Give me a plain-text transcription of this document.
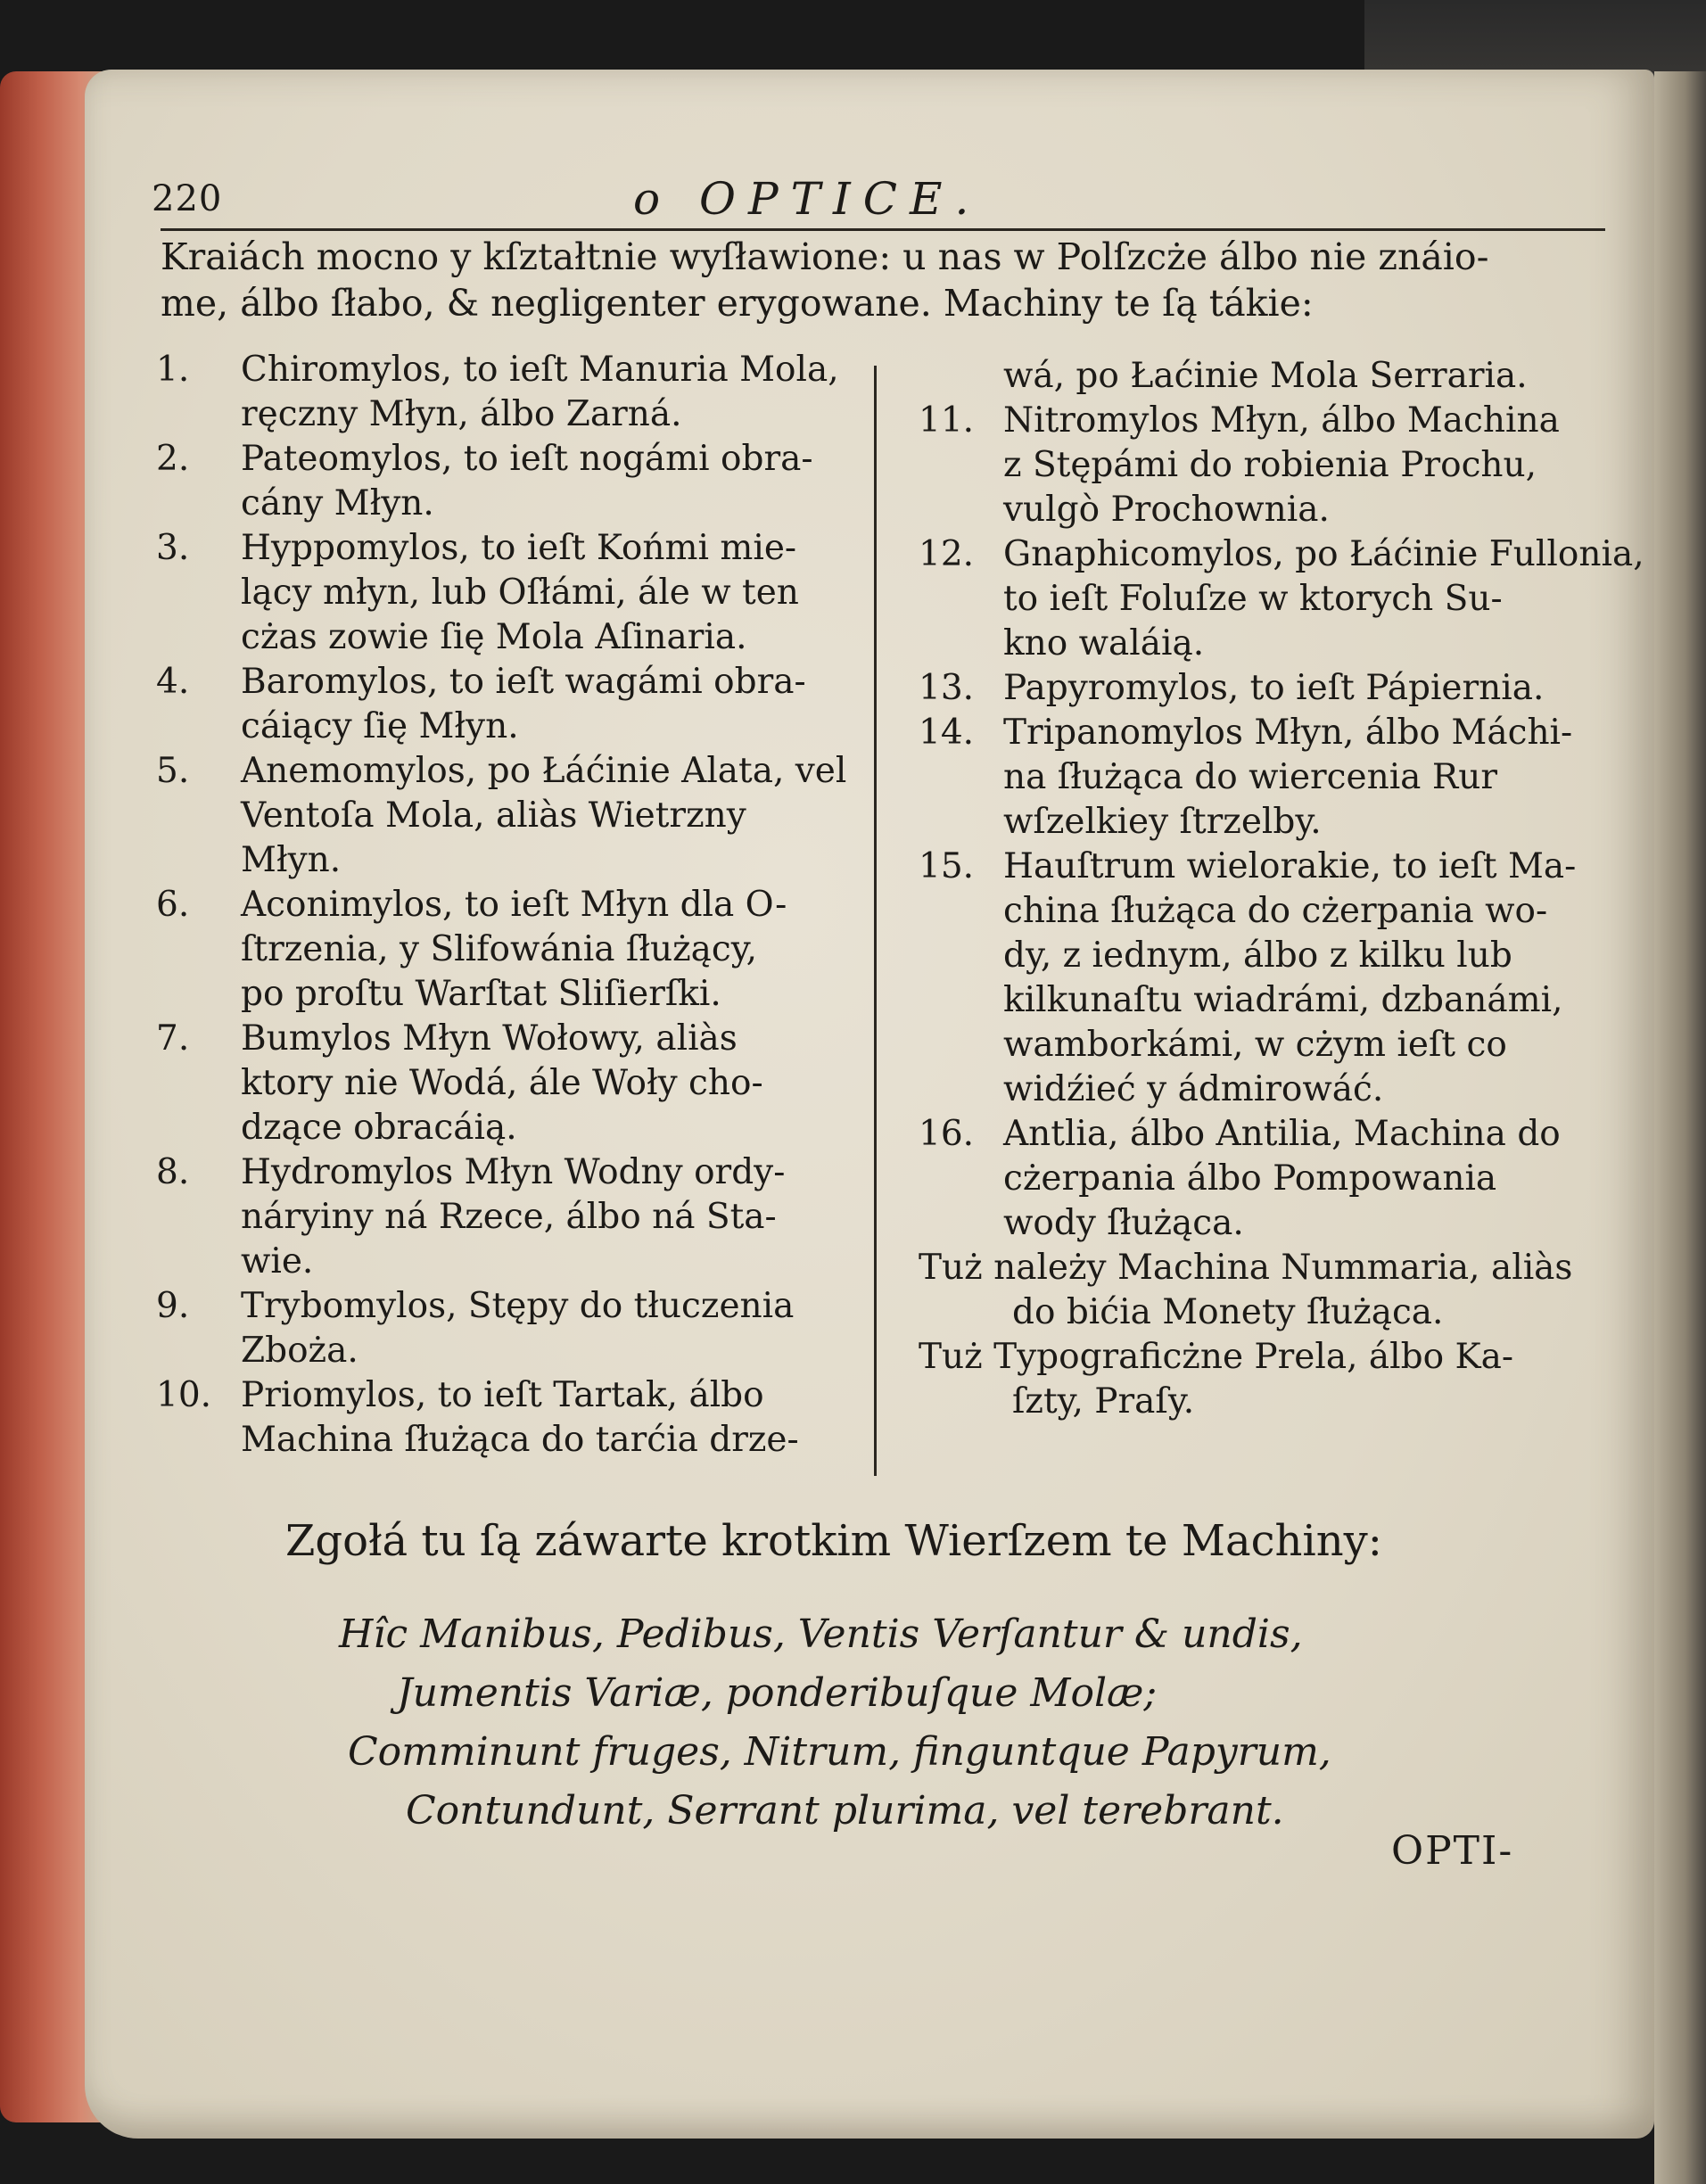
220	o OPTICE.
Kraiách mocno y kſztałtnie wyſławione: u nas w Polſzcże álbo nie znáio-
me, álbo ſłabo, & negligenter erygowane. Machiny te ſą tákie:
1.	Chiromylos, to ieſt Manuria Mola,
ręczny Młyn, álbo Zarná.
2.	Pateomylos, to ieſt nogámi obra-
cány Młyn.
3.	Hyppomylos, to ieſt Końmi mie-
lący młyn, lub Oſłámi, ále w ten
cżas zowie ſię Mola Aſinaria.
4.	Baromylos, to ieſt wagámi obra-
cáiący ſię Młyn.
5.	Anemomylos, po Łáćinie Alata, vel
Ventoſa Mola, aliàs Wietrzny
Młyn.
6.	Aconimylos, to ieſt Młyn dla O-
ſtrzenia, y Slifowánia ſłużący,
po proſtu Warſtat Sliſierſki.
7.	Bumylos Młyn Wołowy, aliàs
ktory nie Wodá, ále Woły cho-
dzące obracáią.
8.	Hydromylos Młyn Wodny ordy-
náryiny ná Rzece, álbo ná Sta-
wie.
9.	Trybomylos, Stępy do tłuczenia
Zboża.
10. Priomylos, to ieſt Tartak, álbo
Machina ſłużąca do tarćia drze-
wá, po Łaćinie Mola Serraria.
11. Nitromylos Młyn, álbo Machina
z Stępámi do robienia Prochu,
vulgò Prochownia.
12. Gnaphicomylos, po Łáćinie Fullonia,
to ieſt Foluſze w ktorych Su-
kno waláią.
13. Papyromylos, to ieſt Pápiernia.
14. Tripanomylos Młyn, álbo Máchi-
na ſłużąca do wiercenia Rur
wſzelkiey ſtrzelby.
15. Hauſtrum wielorakie, to ieſt Ma-
china ſłużąca do cżerpania wo-
dy, z iednym, álbo z kilku lub
kilkunaſtu wiadrámi, dzbanámi,
wamborkámi, w cżym ieſt co
widźieć y ádmirowáć.
16. Antlia, álbo Antilia, Machina do
cżerpania álbo Pompowania
wody ſłużąca.
Tuż należy Machina Nummaria, aliàs
do bićia Monety ſłużąca.
Tuż Typograficżne Prela, álbo Ka-
ſzty, Praſy.
Zgołá tu ſą záwarte krotkim Wierſzem te Machiny:
Hîc Manibus, Pedibus, Ventis Verſantur & undis,
Jumentis Variæ, ponderibuſque Molæ;
Comminunt fruges, Nitrum, finguntque Papyrum,
Contundunt, Serrant plurima, vel terebrant.
OPTI-
